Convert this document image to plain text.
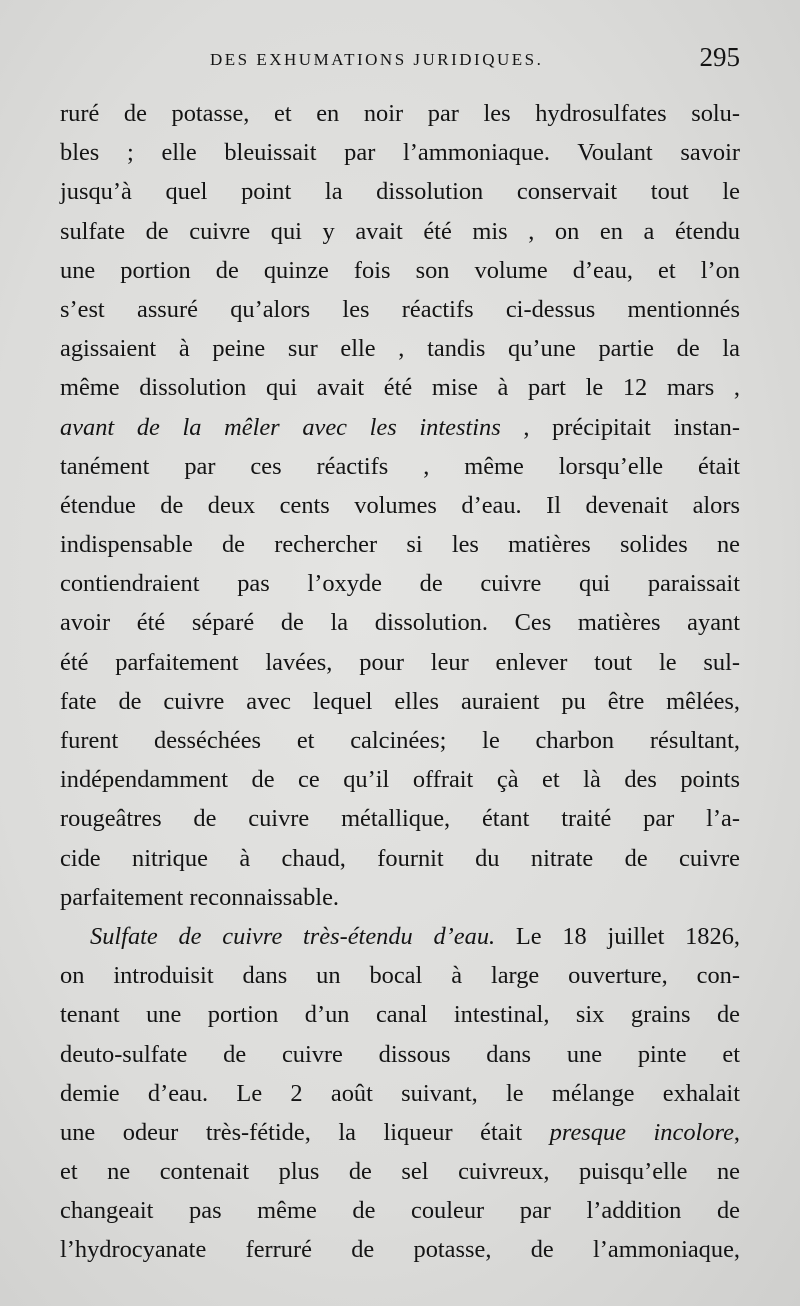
DES EXHUMATIONS JURIDIQUES.	295
ruré de potasse, et en noir par les hydrosulfates solu-
bles ; elle bleuissait par l’ammoniaque. Voulant savoir
jusqu’à quel point la dissolution conservait tout le
sulfate de cuivre qui y avait été mis , on en a étendu
une portion de quinze fois son volume d’eau, et l’on
s’est assuré qu’alors les réactifs ci-dessus mentionnés
agissaient à peine sur elle , tandis qu’une partie de la
même dissolution qui avait été mise à part le 12 mars ,
avant de la mêler avec les intestins , précipitait instan-
tanément par ces réactifs , même lorsqu’elle était
étendue de deux cents volumes d’eau. Il devenait alors
indispensable de rechercher si les matières solides ne
contiendraient pas l’oxyde de cuivre qui paraissait
avoir été séparé de la dissolution. Ces matières ayant
été parfaitement lavées, pour leur enlever tout le sul-
fate de cuivre avec lequel elles auraient pu être mêlées,
furent desséchées et calcinées; le charbon résultant,
indépendamment de ce qu’il offrait çà et là des points
rougeâtres de cuivre métallique, étant traité par l’a-
cide nitrique à chaud, fournit du nitrate de cuivre
parfaitement reconnaissable.
Sulfate de cuivre très-étendu d’eau. Le 18 juillet 1826,
on introduisit dans un bocal à large ouverture, con-
tenant une portion d’un canal intestinal, six grains de
deuto-sulfate de cuivre dissous dans une pinte et
demie d’eau. Le 2 août suivant, le mélange exhalait
une odeur très-fétide, la liqueur était presque incolore,
et ne contenait plus de sel cuivreux, puisqu’elle ne
changeait pas même de couleur par l’addition de
l’hydrocyanate ferruré de potasse, de l’ammoniaque,
